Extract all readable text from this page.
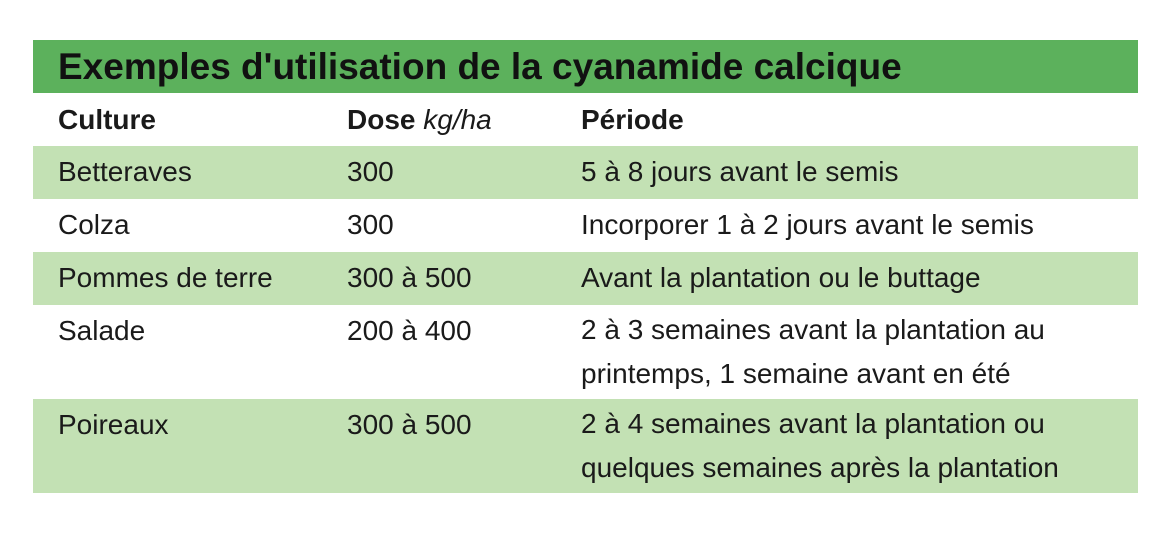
Exemples d'utilisation de la cyanamide calcique
Culture	Dose kg/ha	Période
Betteraves	300	5 à 8 jours avant le semis
Colza	300	Incorporer 1 à 2 jours avant le semis
Pommes de terre	300 à 500	Avant la plantation ou le buttage
Salade	200 à 400	2 à 3 semaines avant la plantation au
printemps, 1 semaine avant en été
Poireaux	300 à 500	2 à 4 semaines avant la plantation ou
quelques semaines après la plantation
